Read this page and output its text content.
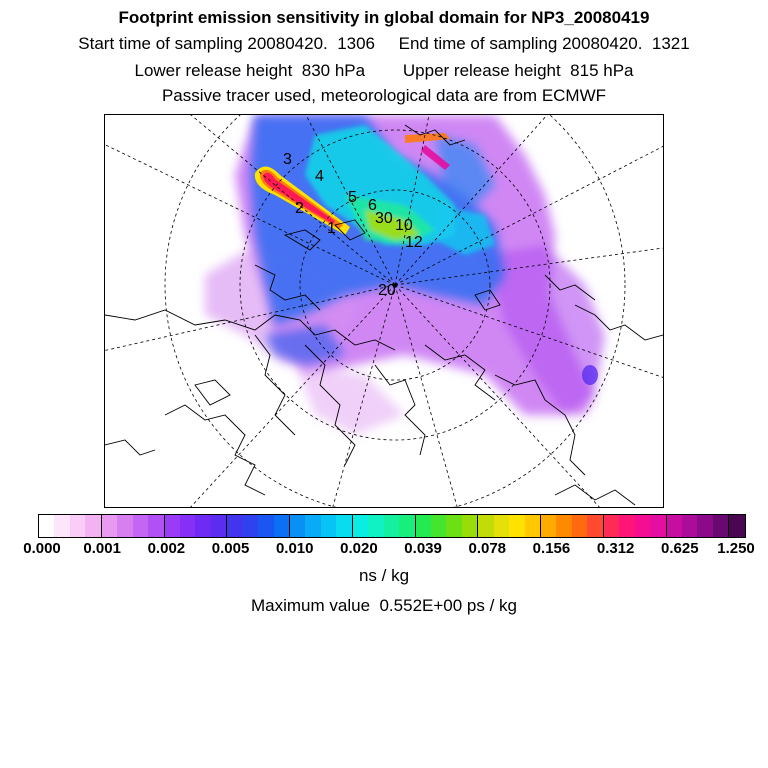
Footprint emission sensitivity in global domain for NP3_20080419
Start time of sampling 20080420.  1306     End time of sampling 20080420.  1321
Lower release height  830 hPa        Upper release height  815 hPa
Passive tracer used, meteorological data are from ECMWF
3
4
5
2
1
6
30 10
12
20
0.000 0.001 0.002 0.005 0.010 0.020 0.039 0.078 0.156 0.312 0.625 1.250
ns / kg
Maximum value  0.552E+00 ps / kg
